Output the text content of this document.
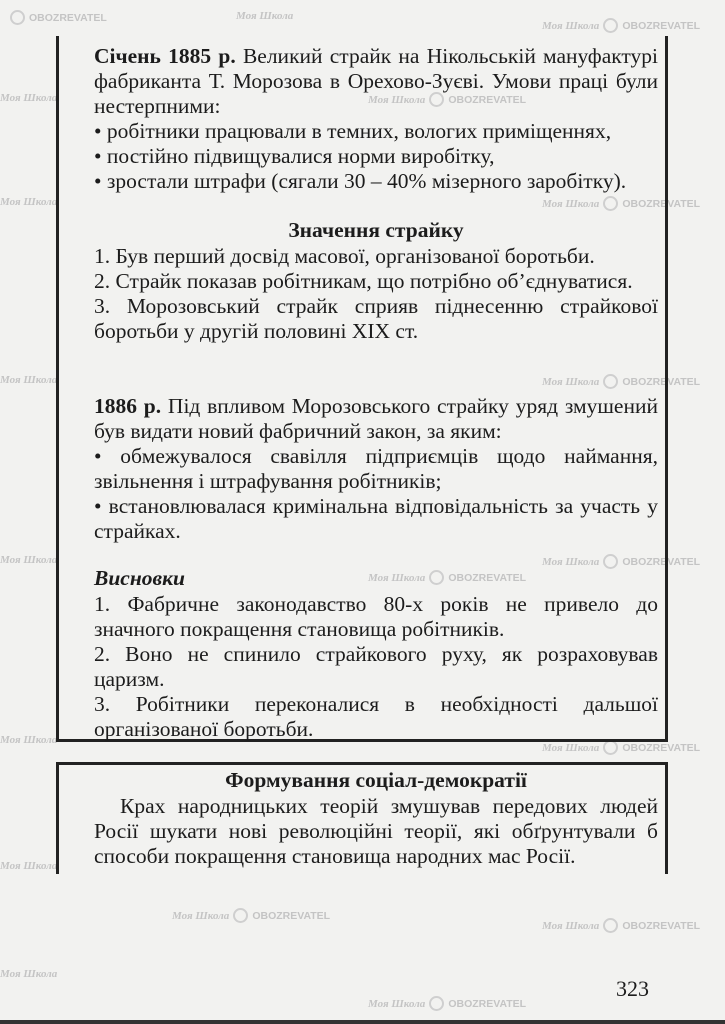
OBOZREVATEL	Моя Школа
Моя Школа OBOZREVATEL
Моя Школа	Моя Школа OBOZREVATEL
Моя Школа	Моя Школа OBOZREVATEL
Моя Школа	Моя Школа OBOZREVATEL
Моя Школа
Моя Школа OBOZREVATEL
Моя Школа OBOZREVATEL
Моя Школа
Моя Школа OBOZREVATEL
Моя Школа
Моя Школа OBOZREVATEL
Моя Школа OBOZREVATEL
Моя Школа
Моя Школа OBOZREVATEL

Січень 1885 р. Великий страйк на Нікольській мануфактурі фабриканта Т. Морозова в Орехово-Зуєві. Умови праці були нестерпними:

• робітники працювали в темних, вологих приміщеннях,

• постійно підвищувалися норми виробітку,

• зростали штрафи (сягали 30 – 40% мізерного заробітку).

Значення страйку

1. Був перший досвід масової, організованої боротьби.

2. Страйк показав робітникам, що потрібно об’єднуватися.

3. Морозовський страйк сприяв піднесенню страйкової боротьби у другій половині XIX ст.

1886 р. Під впливом Морозовського страйку уряд змушений був видати новий фабричний закон, за яким:

• обмежувалося свавілля підприємців щодо наймання, звільнення і штрафування робітників;

• встановлювалася кримінальна відповідальність за участь у страйках.

Висновки

1. Фабричне законодавство 80-х років не привело до значного покращення становища робітників.

2. Воно не спинило страйкового руху, як розраховував царизм.

3. Робітники переконалися в необхідності дальшої організованої боротьби.

Формування соціал-демократії

Крах народницьких теорій змушував передових людей Росії шукати нові революційні теорії, які обґрунтували б способи покращення становища народних мас Росії.

323
